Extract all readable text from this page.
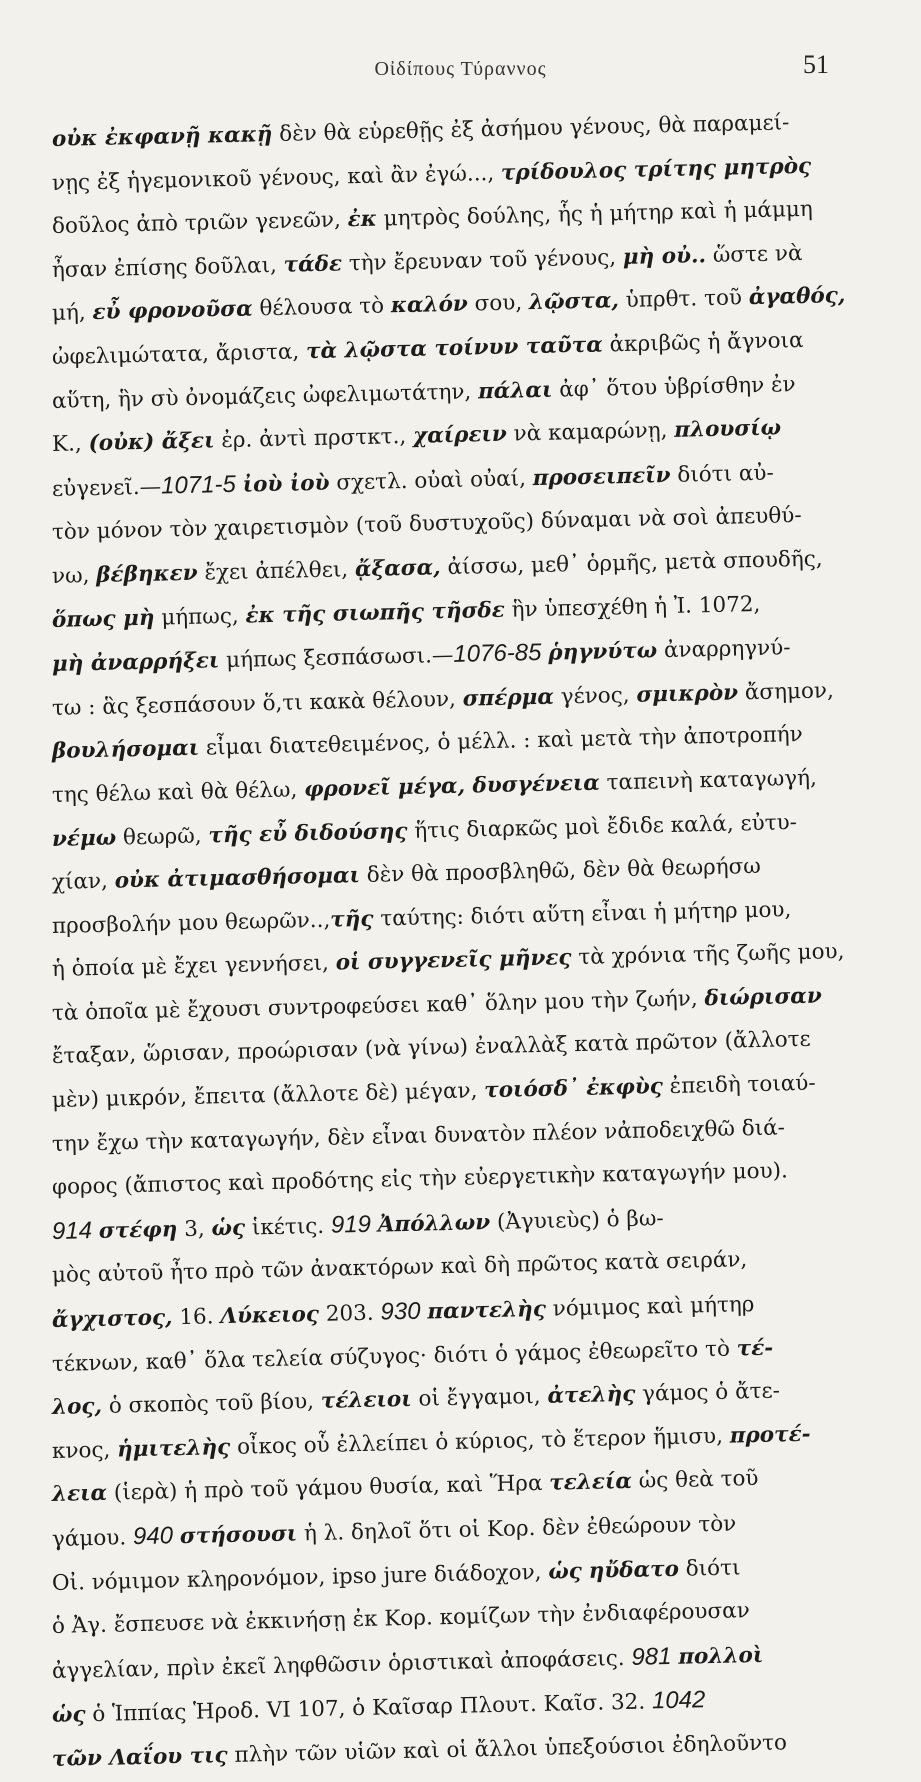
Οἰδίπους Τύραννος	51
οὐκ ἐκφανῇ κακῇ δὲν θὰ εὑρεθῇς ἐξ ἀσήμου γένους, θὰ παραμεί-
νῃς ἐξ ἡγεμονικοῦ γένους, καὶ ἂν ἐγώ..., τρίδουλος τρίτης μητρὸς
δοῦλος ἀπὸ τριῶν γενεῶν, ἐκ μητρὸς δούλης, ἧς ἡ μήτηρ καὶ ἡ μάμμη
ἦσαν ἐπίσης δοῦλαι, τάδε τὴν ἔρευναν τοῦ γένους, μὴ οὐ.. ὥστε νὰ
μή, εὖ φρονοῦσα θέλουσα τὸ καλόν σου, λῷστα, ὑπρθτ. τοῦ ἀγαθός,
ὠφελιμώτατα, ἄριστα, τὰ λῷστα τοίνυν ταῦτα ἀκριβῶς ἡ ἄγνοια
αὕτη, ἣν σὺ ὀνομάζεις ὠφελιμωτάτην, πάλαι ἀφ᾽ ὅτου ὑβρίσθην ἐν
Κ., (οὐκ) ἄξει ἐρ. ἀντὶ πρστκτ., χαίρειν νὰ καμαρώνῃ, πλουσίῳ
εὐγενεῖ.—1071-5 ἰοὺ ἰοὺ σχετλ. οὐαὶ οὐαί, προσειπεῖν διότι αὐ-
τὸν μόνον τὸν χαιρετισμὸν (τοῦ δυστυχοῦς) δύναμαι νὰ σοὶ ἀπευθύ-
νω, βέβηκεν ἔχει ἀπέλθει, ᾄξασα, ἀίσσω, μεθ᾽ ὁρμῆς, μετὰ σπουδῆς,
ὅπως μὴ μήπως, ἐκ τῆς σιωπῆς τῆσδε ἣν ὑπεσχέθη ἡ Ἰ. 1072,
μὴ ἀναρρήξει μήπως ξεσπάσωσι.—1076-85 ῥηγνύτω ἀναρρηγνύ-
τω : ἃς ξεσπάσουν ὅ,τι κακὰ θέλουν, σπέρμα γένος, σμικρὸν ἄσημον,
βουλήσομαι εἶμαι διατεθειμένος, ὁ μέλλ. : καὶ μετὰ τὴν ἀποτροπήν
της θέλω καὶ θὰ θέλω, φρονεῖ μέγα, δυσγένεια ταπεινὴ καταγωγή,
νέμω θεωρῶ, τῆς εὖ διδούσης ἥτις διαρκῶς μοὶ ἔδιδε καλά, εὐτυ-
χίαν, οὐκ ἀτιμασθήσομαι δὲν θὰ προσβληθῶ, δὲν θὰ θεωρήσω
προσβολήν μου θεωρῶν..,τῆς ταύτης: διότι αὕτη εἶναι ἡ μήτηρ μου,
ἡ ὁποία μὲ ἔχει γεννήσει, οἱ συγγενεῖς μῆνες τὰ χρόνια τῆς ζωῆς μου,
τὰ ὁποῖα μὲ ἔχουσι συντροφεύσει καθ᾽ ὅλην μου τὴν ζωήν, διώρισαν
ἔταξαν, ὥρισαν, προώρισαν (νὰ γίνω) ἐναλλὰξ κατὰ πρῶτον (ἄλλοτε
μὲν) μικρόν, ἔπειτα (ἄλλοτε δὲ) μέγαν, τοιόσδ᾽ ἐκφὺς ἐπειδὴ τοιαύ-
την ἔχω τὴν καταγωγήν, δὲν εἶναι δυνατὸν πλέον νἀποδειχθῶ διά-
φορος (ἄπιστος καὶ προδότης εἰς τὴν εὐεργετικὴν καταγωγήν μου).
914 στέφη 3, ὡς ἱκέτις. 919 Ἀπόλλων (Ἀγυιεὺς) ὁ βω-
μὸς αὐτοῦ ἦτο πρὸ τῶν ἀνακτόρων καὶ δὴ πρῶτος κατὰ σειράν,
ἄγχιστος, 16. Λύκειος 203. 930 παντελὴς νόμιμος καὶ μήτηρ
τέκνων, καθ᾽ ὅλα τελεία σύζυγος· διότι ὁ γάμος ἐθεωρεῖτο τὸ τέ-
λος, ὁ σκοπὸς τοῦ βίου, τέλειοι οἱ ἔγγαμοι, ἀτελὴς γάμος ὁ ἄτε-
κνος, ἡμιτελὴς οἶκος οὗ ἐλλείπει ὁ κύριος, τὸ ἕτερον ἥμισυ, προτέ-
λεια (ἱερὰ) ἡ πρὸ τοῦ γάμου θυσία, καὶ Ἥρα τελεία ὡς θεὰ τοῦ
γάμου. 940 στήσουσι ἡ λ. δηλοῖ ὅτι οἱ Κορ. δὲν ἐθεώρουν τὸν
Οἰ. νόμιμον κληρονόμον, ipso jure διάδοχον, ὡς ηὔδατο διότι
ὁ Ἀγ. ἔσπευσε νὰ ἐκκινήσῃ ἐκ Κορ. κομίζων τὴν ἐνδιαφέρουσαν
ἀγγελίαν, πρὶν ἐκεῖ ληφθῶσιν ὁριστικαὶ ἀποφάσεις. 981 πολλοὶ
ὡς ὁ Ἱππίας Ἡροδ. VI 107, ὁ Καῖσαρ Πλουτ. Καῖσ. 32. 1042
τῶν Λαΐου τις πλὴν τῶν υἱῶν καὶ οἱ ἄλλοι ὑπεξούσιοι ἐδηλοῦντο
